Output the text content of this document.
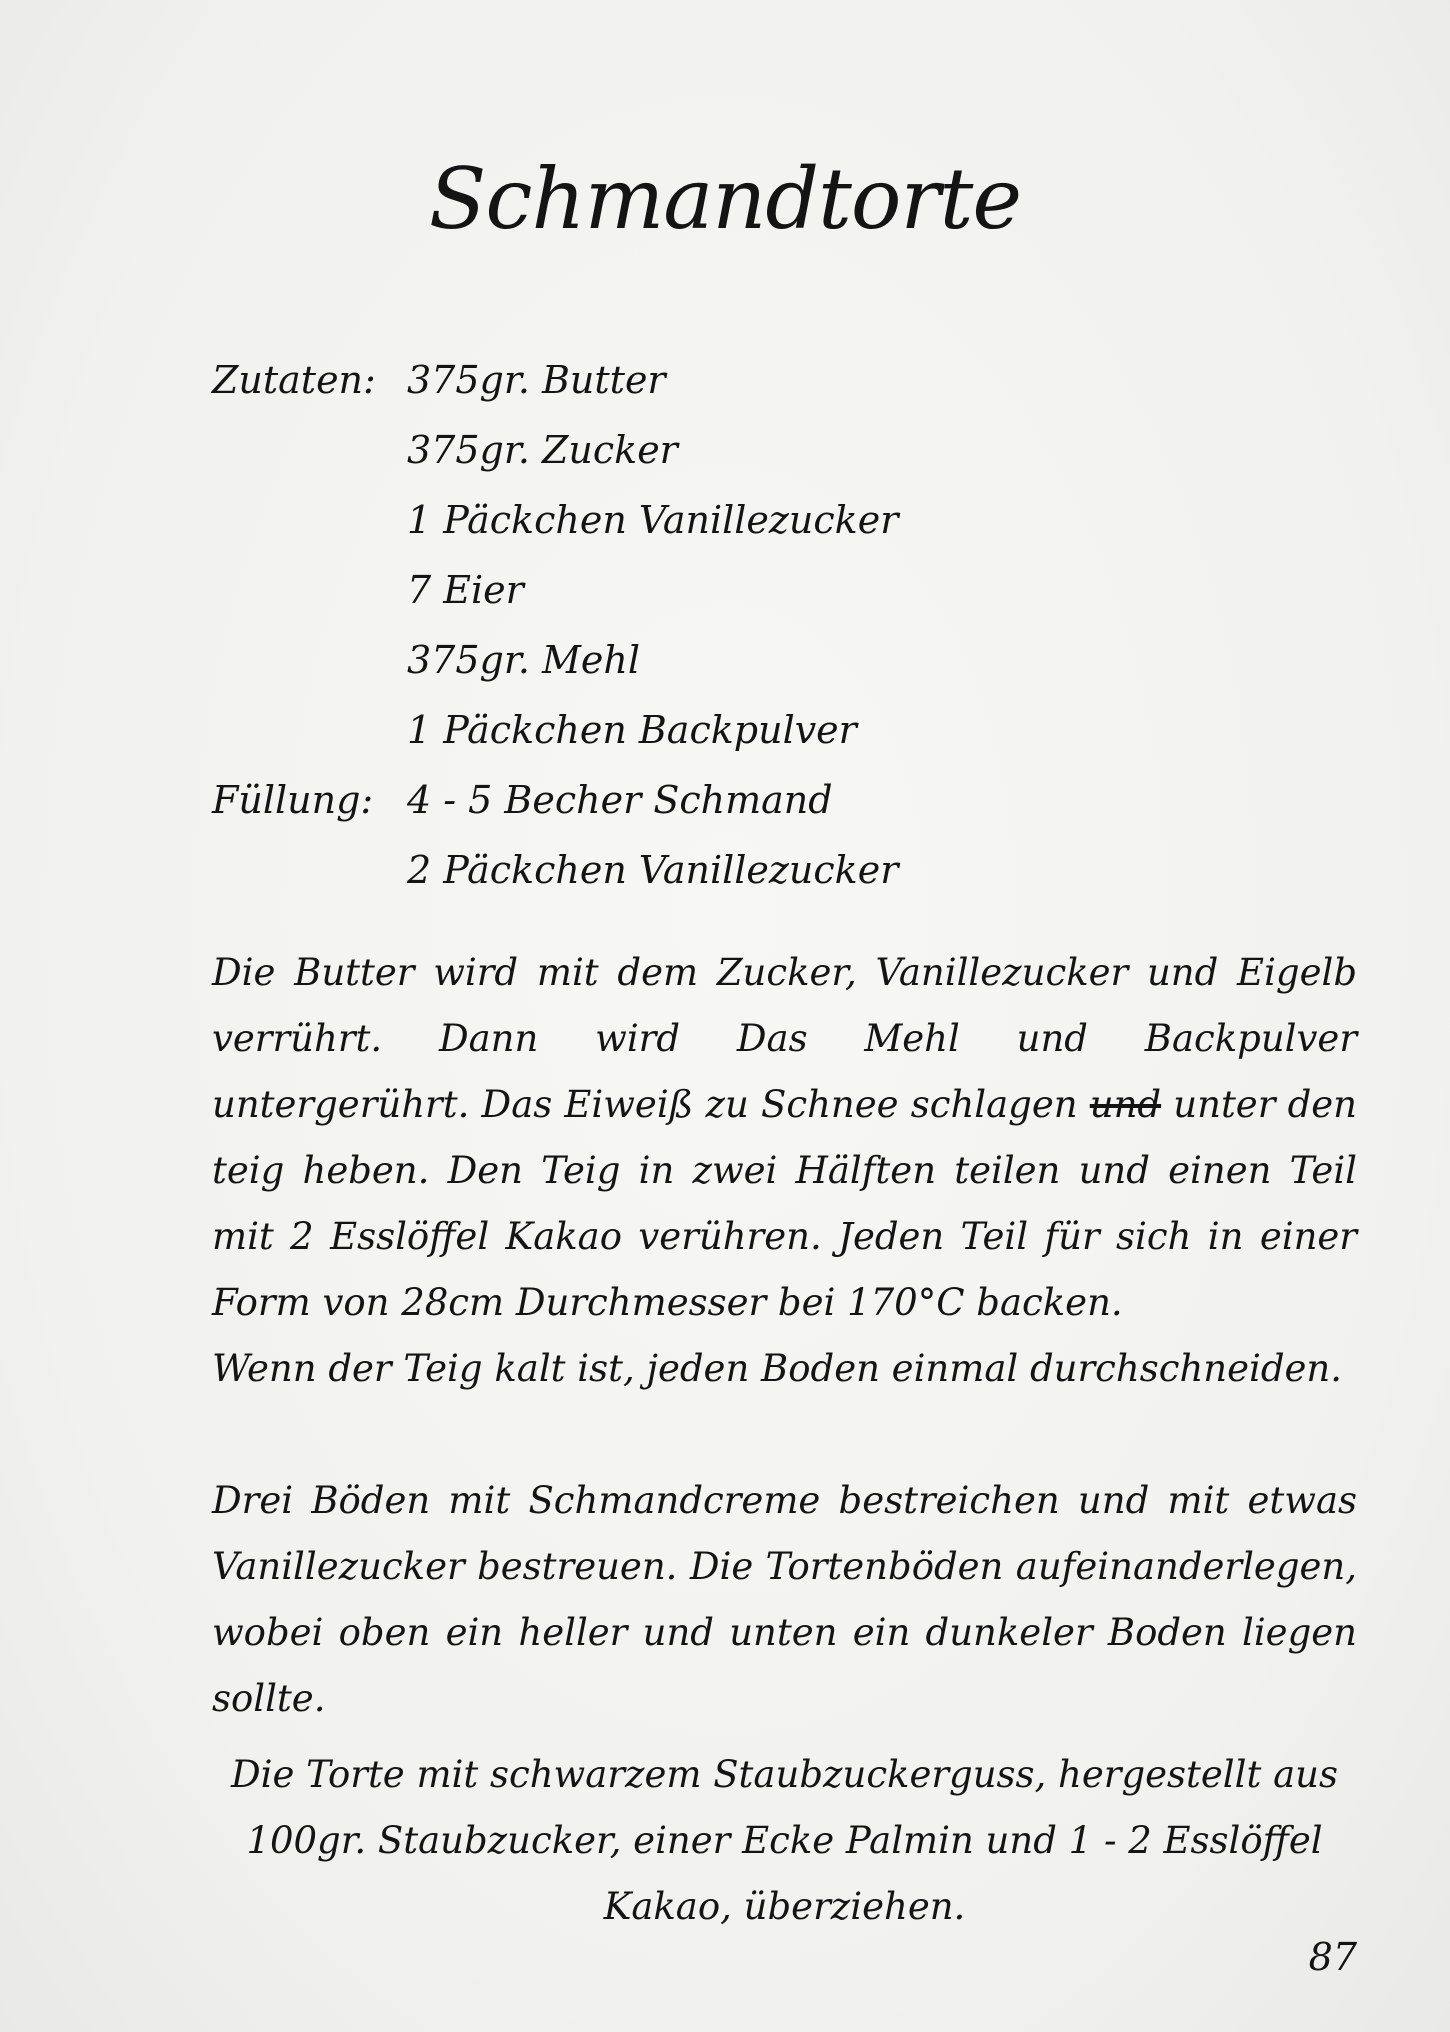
Schmandtorte
Zutaten: 375gr. Butter
375gr. Zucker
1 Päckchen Vanillezucker
7 Eier
375gr. Mehl
1 Päckchen Backpulver
Füllung: 4 - 5 Becher Schmand
2 Päckchen Vanillezucker
Die Butter wird mit dem Zucker, Vanillezucker und Eigelb
verrührt. Dann wird Das Mehl und Backpulver
untergerührt. Das Eiweiß zu Schnee schlagen und unter den
teig heben. Den Teig in zwei Hälften teilen und einen Teil
mit 2 Esslöffel Kakao verühren. Jeden Teil für sich in einer
Form von 28cm Durchmesser bei 170°C backen.
Wenn der Teig kalt ist, jeden Boden einmal durchschneiden.
Drei Böden mit Schmandcreme bestreichen und mit etwas
Vanillezucker bestreuen. Die Tortenböden aufeinanderlegen,
wobei oben ein heller und unten ein dunkeler Boden liegen
sollte.
Die Torte mit schwarzem Staubzuckerguss, hergestellt aus
100gr. Staubzucker, einer Ecke Palmin und 1 - 2 Esslöffel
Kakao, überziehen.
87
